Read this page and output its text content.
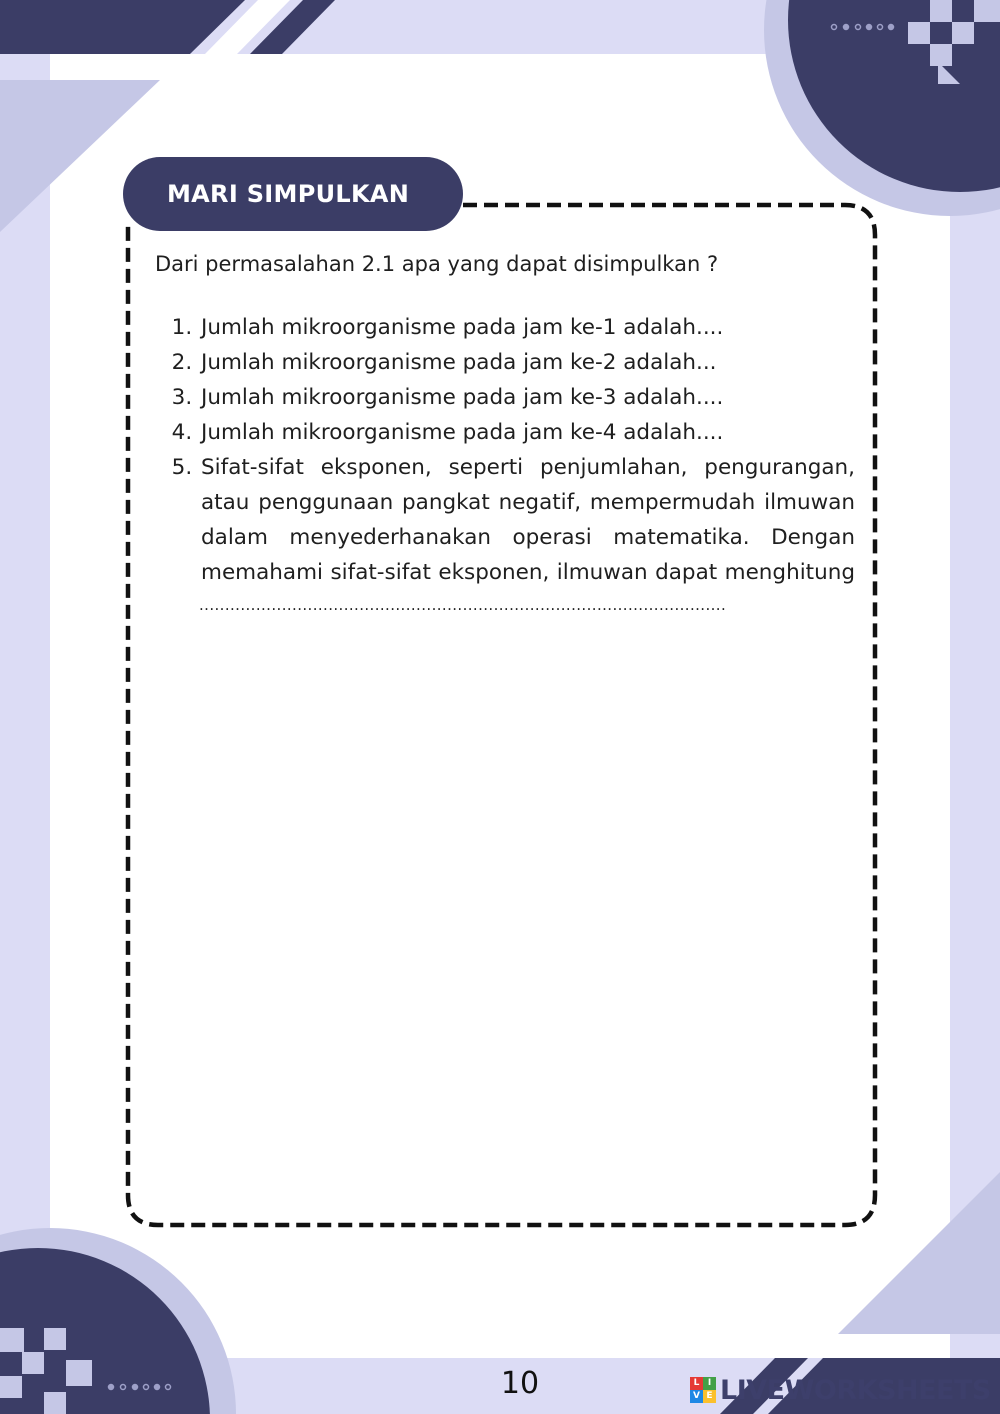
MARI SIMPULKAN

Dari permasalahan 2.1 apa yang dapat disimpulkan ?

1. Jumlah mikroorganisme pada jam ke-1 adalah....
2. Jumlah mikroorganisme pada jam ke-2 adalah...
3. Jumlah mikroorganisme pada jam ke-3 adalah....
4. Jumlah mikroorganisme pada jam ke-4 adalah....
5. Sifat-sifat eksponen, seperti penjumlahan, pengurangan, atau penggunaan pangkat negatif, mempermudah ilmuwan dalam menyederhanakan operasi matematika. Dengan memahami sifat-sifat eksponen, ilmuwan dapat menghitung
......................................................................................................
10	L I
V E LIVEWORKSHEETS
